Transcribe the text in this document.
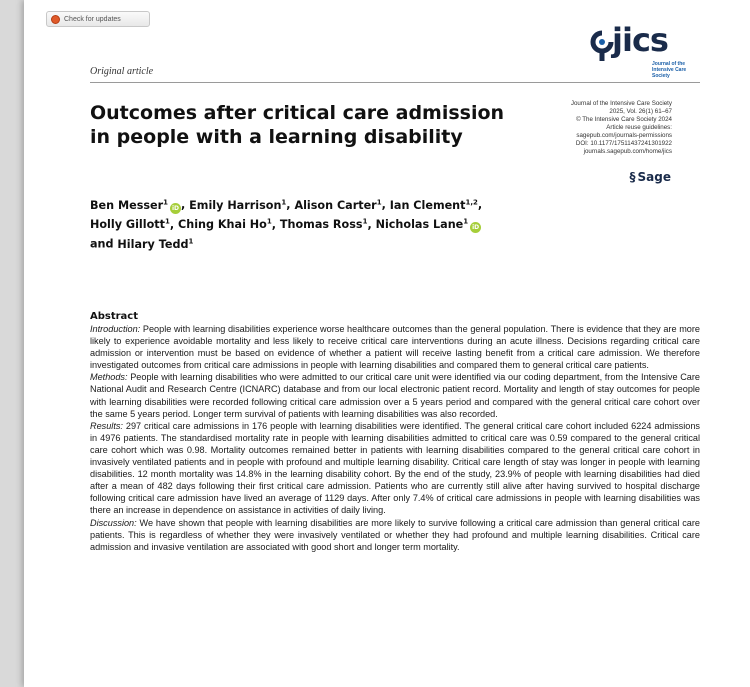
Check for updates
jics
Journal of the
Intensive Care
Society
Original article
Outcomes after critical care admission in people with a learning disability
Journal of the Intensive Care Society
2025, Vol. 26(1) 61–67
© The Intensive Care Society 2024
Article reuse guidelines:
sagepub.com/journals-permissions
DOI: 10.1177/17511437241301922
journals.sagepub.com/home/jics
§ Sage
Ben Messer$^1$iD , Emily Harrison$^1$, Alison Carter$^1$, Ian Clement$^{1,2}$,
Holly Gillott$^1$, Ching Khai Ho$^1$, Thomas Ross$^1$, Nicholas Lane$^1$iD
and Hilary Tedd$^1$
Abstract

Introduction: People with learning disabilities experience worse healthcare outcomes than the general population. There is evidence that they are more likely to experience avoidable mortality and less likely to receive critical care interventions during an acute illness. Decisions regarding critical care admission or intervention must be based on evidence of whether a patient will receive lasting benefit from a critical care admission. We therefore investigated outcomes from critical care admissions in people with learning disabilities and compared them to general critical care patients.

Methods: People with learning disabilities who were admitted to our critical care unit were identified via our coding department, from the Intensive Care National Audit and Research Centre (ICNARC) database and from our local electronic patient record. Mortality and length of stay outcomes for people with learning disabilities were recorded following critical care admission over a 5 years period and compared with the general critical care cohort over the same 5 years period. Longer term survival of patients with learning disabilities was also recorded.

Results: 297 critical care admissions in 176 people with learning disabilities were identified. The general critical care cohort included 6224 admissions in 4976 patients. The standardised mortality rate in people with learning disabilities admitted to critical care was 0.59 compared to the general critical care cohort which was 0.98. Mortality outcomes remained better in patients with learning disabilities compared to the general critical care cohort in invasively ventilated patients and in people with profound and multiple learning disability. Critical care length of stay was longer in people with learning disabilities. 12 month mortality was 14.8% in the learning disability cohort. By the end of the study, 23.9% of people with learning disabilities had died after a mean of 482 days following their first critical care admission. Patients who are currently still alive after having survived to hospital discharge following critical care admission have lived an average of 1129 days. After only 7.4% of critical care admissions in people with learning disabilities was there an increase in dependence on assistance in activities of daily living.

Discussion: We have shown that people with learning disabilities are more likely to survive following a critical care admission than general critical care patients. This is regardless of whether they were invasively ventilated or whether they had profound and multiple learning disabilities. Critical care admission and invasive ventilation are associated with good short and longer term mortality.
